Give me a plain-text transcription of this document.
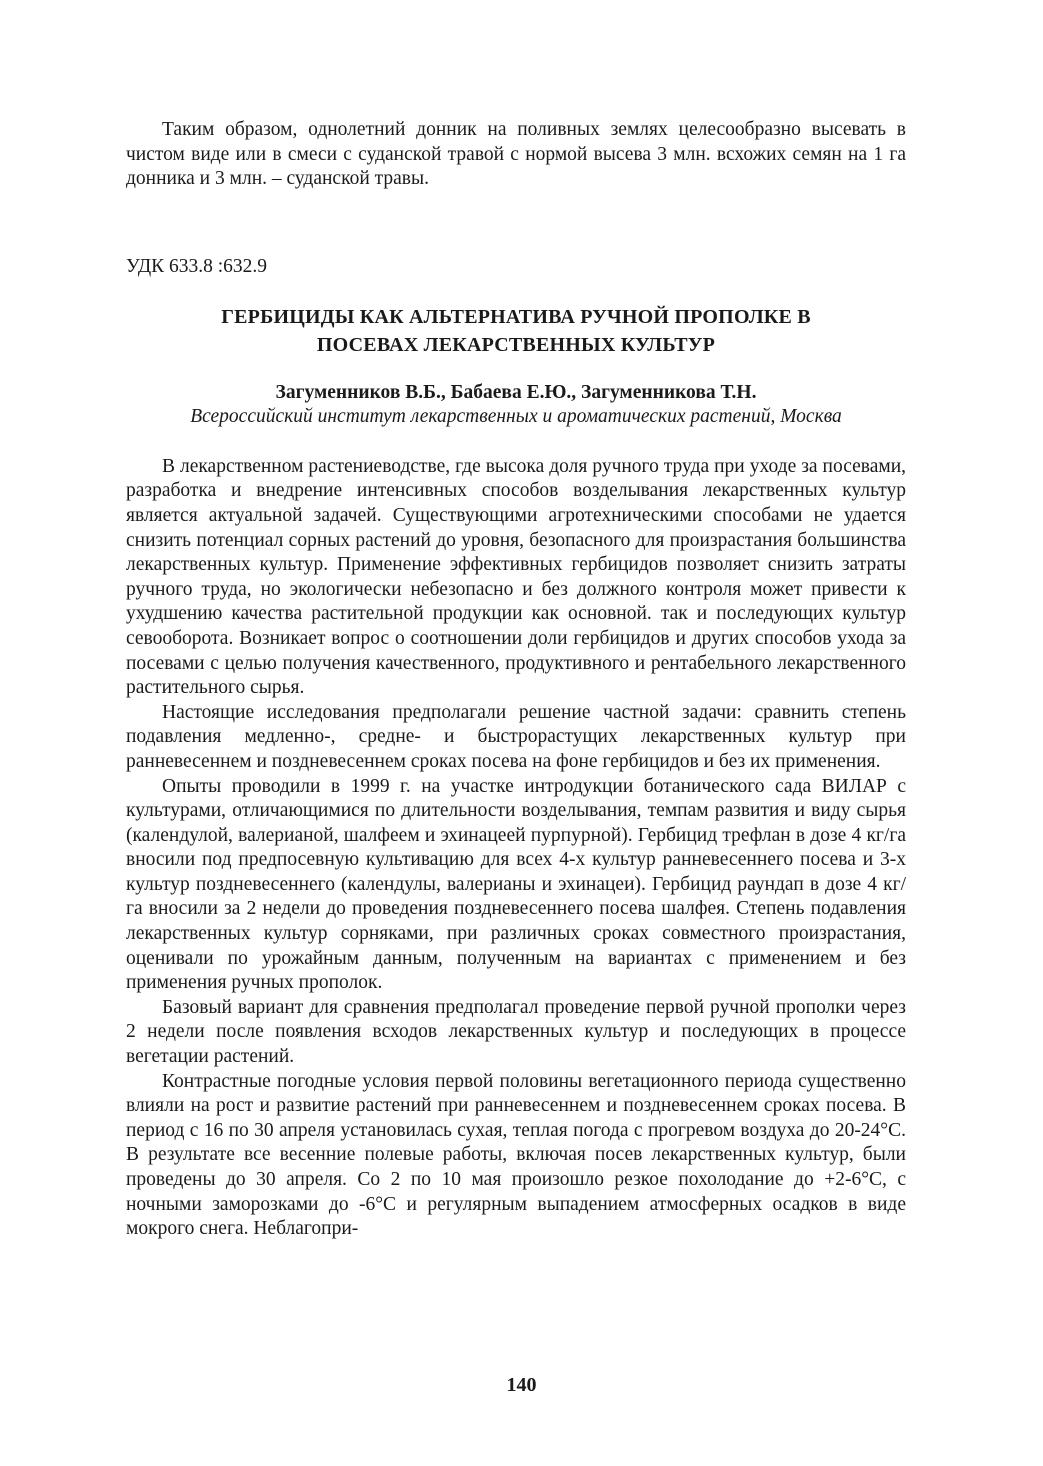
Таким образом, однолетний донник на поливных землях целесообразно высевать в чистом виде или в смеси с суданской травой с нормой высева 3 млн. всхожих семян на 1 га донника и 3 млн. – суданской травы.

УДК 633.8 :632.9

ГЕРБИЦИДЫ КАК АЛЬТЕРНАТИВА РУЧНОЙ ПРОПОЛКЕ В
ПОСЕВАХ ЛЕКАРСТВЕННЫХ КУЛЬТУР

Загуменников В.Б., Бабаева Е.Ю., Загуменникова Т.Н.

Всероссийский институт лекарственных и ароматических растений, Москва

В лекарственном растениеводстве, где высока доля ручного труда при уходе за посевами, разработка и внедрение интенсивных способов возделывания лекарственных культур является актуальной задачей. Существующими агротехническими способами не удается снизить потенциал сорных растений до уровня, безопасного для произрастания большинства лекарственных культур. Применение эффективных гербицидов позволяет снизить затраты ручного труда, но экологически небезопасно и без должного контроля может привести к ухудшению качества растительной продукции как основной. так и последующих культур севооборота. Возникает вопрос о соотношении доли гербицидов и других способов ухода за посевами с целью получения качественного, продуктивного и рентабельного лекарственного растительного сырья.

Настоящие исследования предполагали решение частной задачи: сравнить степень подавления медленно-, средне- и быстрорастущих лекарственных культур при ранневесеннем и поздневесеннем сроках посева на фоне гербицидов и без их применения.

Опыты проводили в 1999 г. на участке интродукции ботанического сада ВИЛАР с культурами, отличающимися по длительности возделывания, темпам развития и виду сырья (календулой, валерианой, шалфеем и эхинацеей пурпурной). Гербицид трефлан в дозе 4 кг/га вносили под предпосевную культивацию для всех 4-х культур ранневесеннего посева и 3-х культур поздневесеннего (календулы, валерианы и эхинацеи). Гербицид раундап в дозе 4 кг/га вносили за 2 недели до проведения поздневесеннего посева шалфея. Степень подавления лекарственных культур сорняками, при различных сроках совместного произрастания, оценивали по урожайным данным, полученным на вариантах с применением и без применения ручных прополок.

Базовый вариант для сравнения предполагал проведение первой ручной прополки через 2 недели после появления всходов лекарственных культур и последующих в процессе вегетации растений.

Контрастные погодные условия первой половины вегетационного периода существенно влияли на рост и развитие растений при ранневесеннем и поздневесеннем сроках посева. В период с 16 по 30 апреля установилась сухая, теплая погода с прогревом воздуха до 20-24°С. В результате все весенние полевые работы, включая посев лекарственных культур, были проведены до 30 апреля. Со 2 по 10 мая произошло резкое похолодание до +2-6°С, с ночными заморозками до -6°С и регулярным выпадением атмосферных осадков в виде мокрого снега. Неблагопри-

140
